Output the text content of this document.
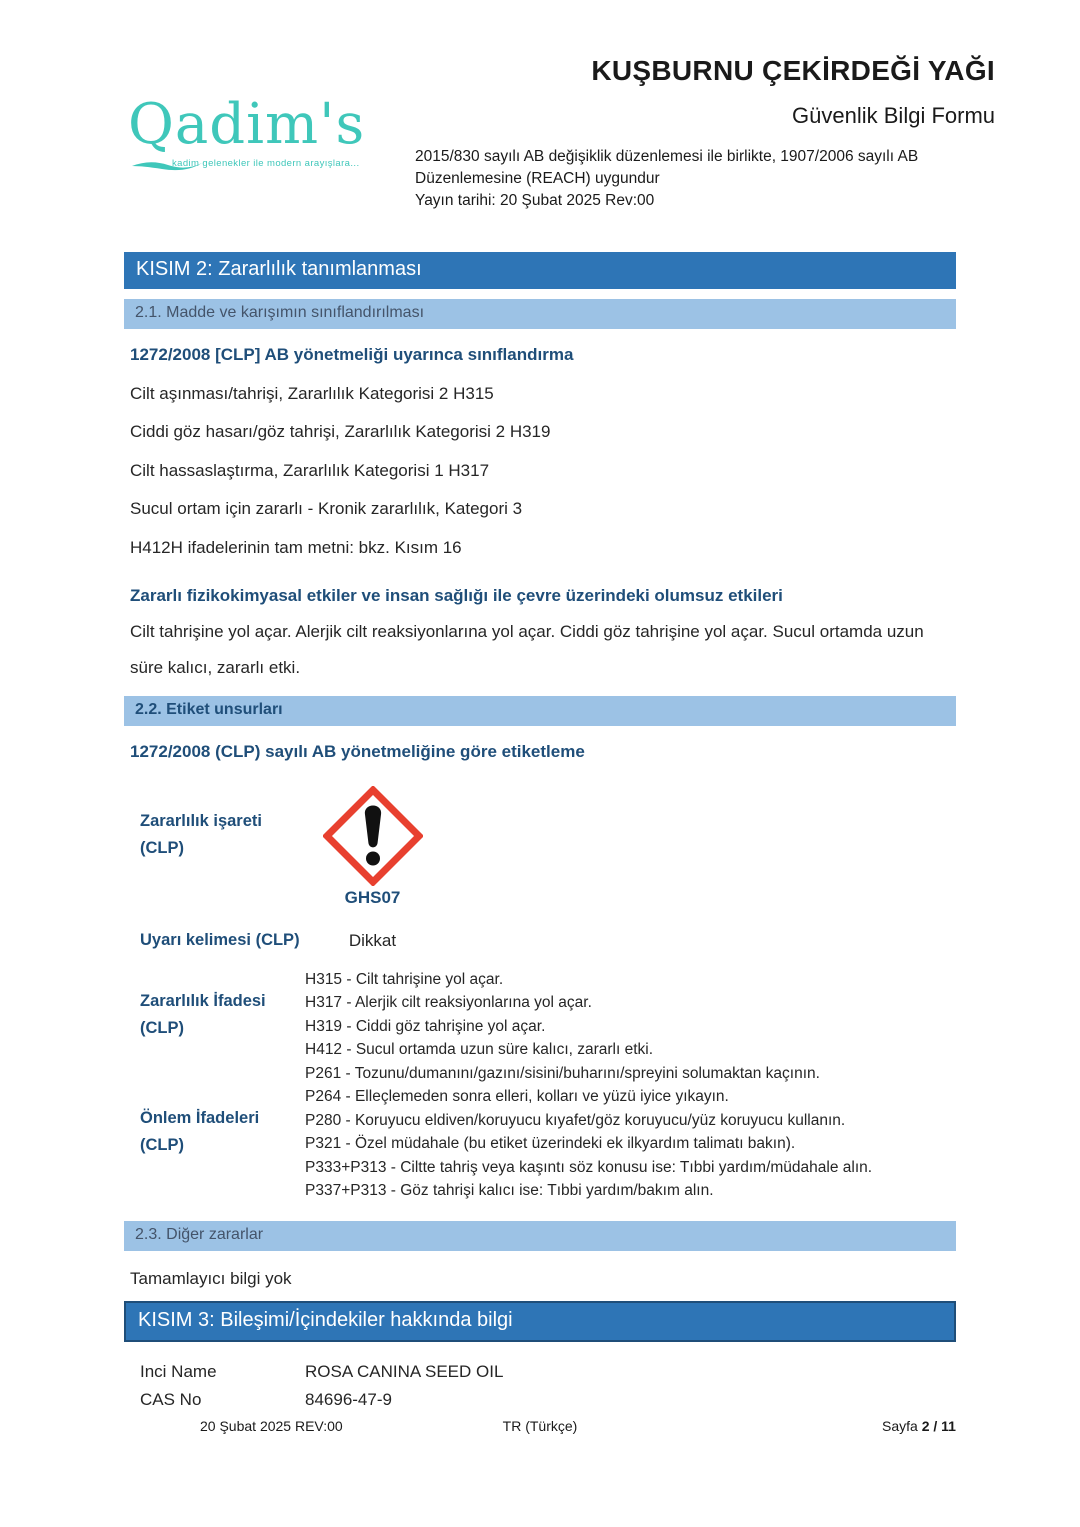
Qadim's
kadim gelenekler ile modern arayışlara...
KUŞBURNU ÇEKİRDEĞİ YAĞI
Güvenlik Bilgi Formu
2015/830 sayılı AB değişiklik düzenlemesi ile birlikte, 1907/2006 sayılı AB Düzenlemesine (REACH) uygundur
Yayın tarihi: 20 Şubat 2025 Rev:00
KISIM 2: Zararlılık tanımlanması
2.1. Madde ve karışımın sınıflandırılması
1272/2008 [CLP] AB yönetmeliği uyarınca sınıflandırma
Cilt aşınması/tahrişi, Zararlılık Kategorisi 2 H315
Ciddi göz hasarı/göz tahrişi, Zararlılık Kategorisi 2 H319
Cilt hassaslaştırma, Zararlılık Kategorisi 1 H317
Sucul ortam için zararlı - Kronik zararlılık, Kategori 3
H412H ifadelerinin tam metni: bkz. Kısım 16
Zararlı fizikokimyasal etkiler ve insan sağlığı ile çevre üzerindeki olumsuz etkileri
Cilt tahrişine yol açar. Alerjik cilt reaksiyonlarına yol açar. Ciddi göz tahrişine yol açar. Sucul ortamda uzun süre kalıcı, zararlı etki.
2.2. Etiket unsurları
1272/2008 (CLP) sayılı AB yönetmeliğine göre etiketleme
Zararlılık işareti (CLP)
GHS07
Uyarı kelimesi (CLP)	Dikkat
Zararlılık İfadesi (CLP)
H315 - Cilt tahrişine yol açar.
H317 - Alerjik cilt reaksiyonlarına yol açar.
H319 - Ciddi göz tahrişine yol açar.
H412 - Sucul ortamda uzun süre kalıcı, zararlı etki.
Önlem İfadeleri (CLP)
P261 - Tozunu/dumanını/gazını/sisini/buharını/spreyini solumaktan kaçının.
P264 - Elleçlemeden sonra elleri, kolları ve yüzü iyice yıkayın.
P280 - Koruyucu eldiven/koruyucu kıyafet/göz koruyucu/yüz koruyucu kullanın.
P321 - Özel müdahale (bu etiket üzerindeki ek ilkyardım talimatı bakın).
P333+P313 - Ciltte tahriş veya kaşıntı söz konusu ise: Tıbbi yardım/müdahale alın.
P337+P313 - Göz tahrişi kalıcı ise: Tıbbi yardım/bakım alın.
2.3. Diğer zararlar
Tamamlayıcı bilgi yok
KISIM 3: Bileşimi/İçindekiler hakkında bilgi
Inci Name	ROSA CANINA SEED OIL
CAS No	84696-47-9
20 Şubat 2025 REV:00	TR (Türkçe)	Sayfa 2 / 11
